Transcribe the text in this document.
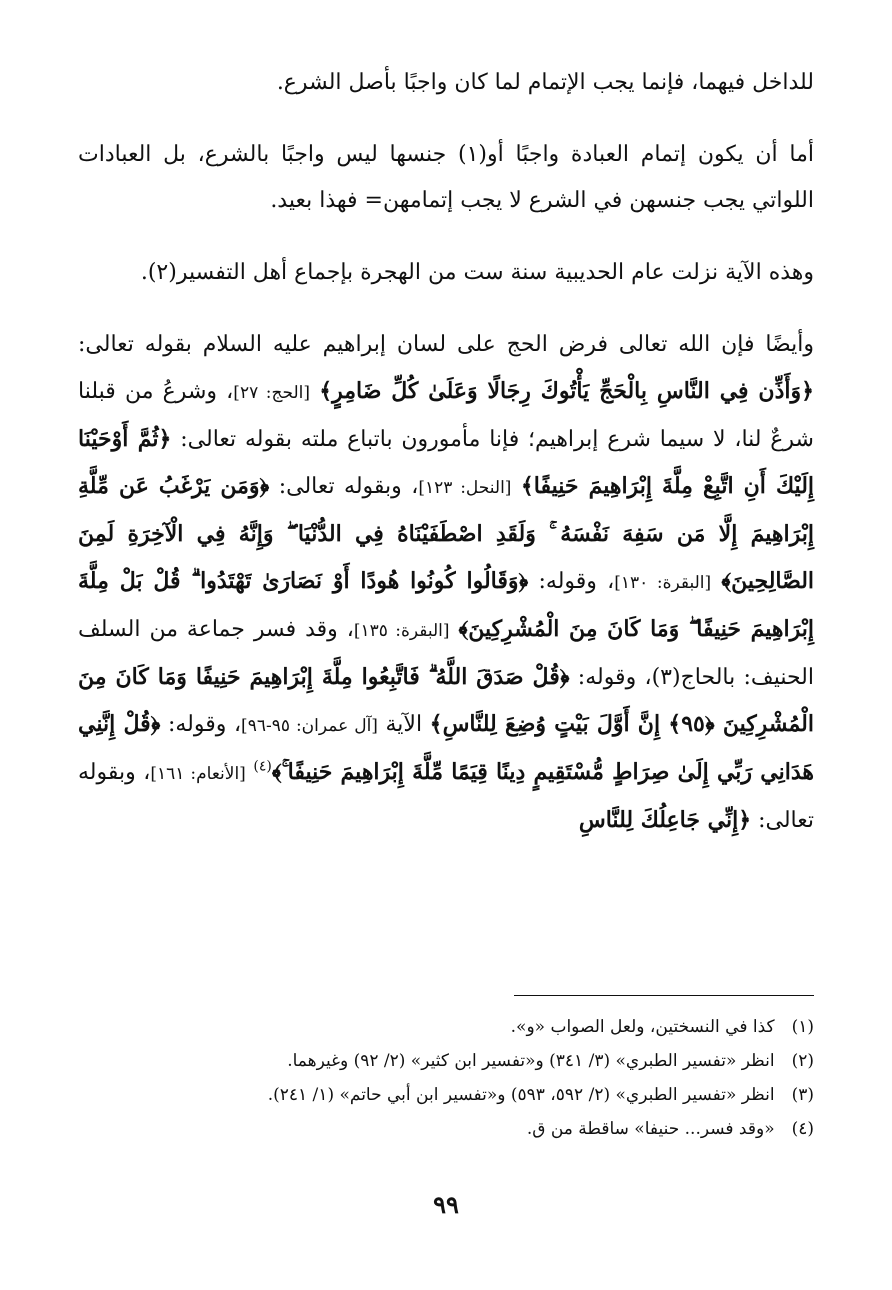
للداخل فيهما، فإنما يجب الإتمام لما كان واجبًا بأصل الشرع.

أما أن يكون إتمام العبادة واجبًا أو(١) جنسها ليس واجبًا بالشرع، بل العبادات اللواتي يجب جنسهن في الشرع لا يجب إتمامهن= فهذا بعيد.

وهذه الآية نزلت عام الحديبية سنة ست من الهجرة بإجماع أهل التفسير(٢).

وأيضًا فإن الله تعالى فرض الحج على لسان إبراهيم عليه السلام بقوله تعالى: ﴿وَأَذِّن فِي النَّاسِ بِالْحَجِّ يَأْتُوكَ رِجَالًا وَعَلَىٰ كُلِّ ضَامِرٍ﴾ [الحج: ٢٧]، وشرعُ من قبلنا شرعٌ لنا، لا سيما شرع إبراهيم؛ فإنا مأمورون باتباع ملته بقوله تعالى: ﴿ثُمَّ أَوْحَيْنَا إِلَيْكَ أَنِ اتَّبِعْ مِلَّةَ إِبْرَاهِيمَ حَنِيفًا﴾ [النحل: ١٢٣]، وبقوله تعالى: ﴿وَمَن يَرْغَبُ عَن مِّلَّةِ إِبْرَاهِيمَ إِلَّا مَن سَفِهَ نَفْسَهُ ۚ وَلَقَدِ اصْطَفَيْنَاهُ فِي الدُّنْيَا ۖ وَإِنَّهُ فِي الْآخِرَةِ لَمِنَ الصَّالِحِينَ﴾ [البقرة: ١٣٠]، وقوله: ﴿وَقَالُوا كُونُوا هُودًا أَوْ نَصَارَىٰ تَهْتَدُوا ۗ قُلْ بَلْ مِلَّةَ إِبْرَاهِيمَ حَنِيفًا ۖ وَمَا كَانَ مِنَ الْمُشْرِكِينَ﴾ [البقرة: ١٣٥]، وقد فسر جماعة من السلف الحنيف: بالحاج(٣)، وقوله: ﴿قُلْ صَدَقَ اللَّهُ ۗ فَاتَّبِعُوا مِلَّةَ إِبْرَاهِيمَ حَنِيفًا وَمَا كَانَ مِنَ الْمُشْرِكِينَ ﴿٩٥﴾ إِنَّ أَوَّلَ بَيْتٍ وُضِعَ لِلنَّاسِ﴾ الآية [آل عمران: ٩٥-٩٦]، وقوله: ﴿قُلْ إِنَّنِي هَدَانِي رَبِّي إِلَىٰ صِرَاطٍ مُّسْتَقِيمٍ دِينًا قِيَمًا مِّلَّةَ إِبْرَاهِيمَ حَنِيفًا ۚ﴾$^{(٤)}$ [الأنعام: ١٦١]، وبقوله تعالى: ﴿إِنِّي جَاعِلُكَ لِلنَّاسِ

(١) كذا في النسختين، ولعل الصواب «و».
(٢) انظر «تفسير الطبري» (٣/ ٣٤١) و«تفسير ابن كثير» (٢/ ٩٢) وغيرهما.
(٣) انظر «تفسير الطبري» (٢/ ٥٩٢، ٥٩٣) و«تفسير ابن أبي حاتم» (١/ ٢٤١).
(٤) «وقد فسر... حنيفا» ساقطة من ق.
٩٩
